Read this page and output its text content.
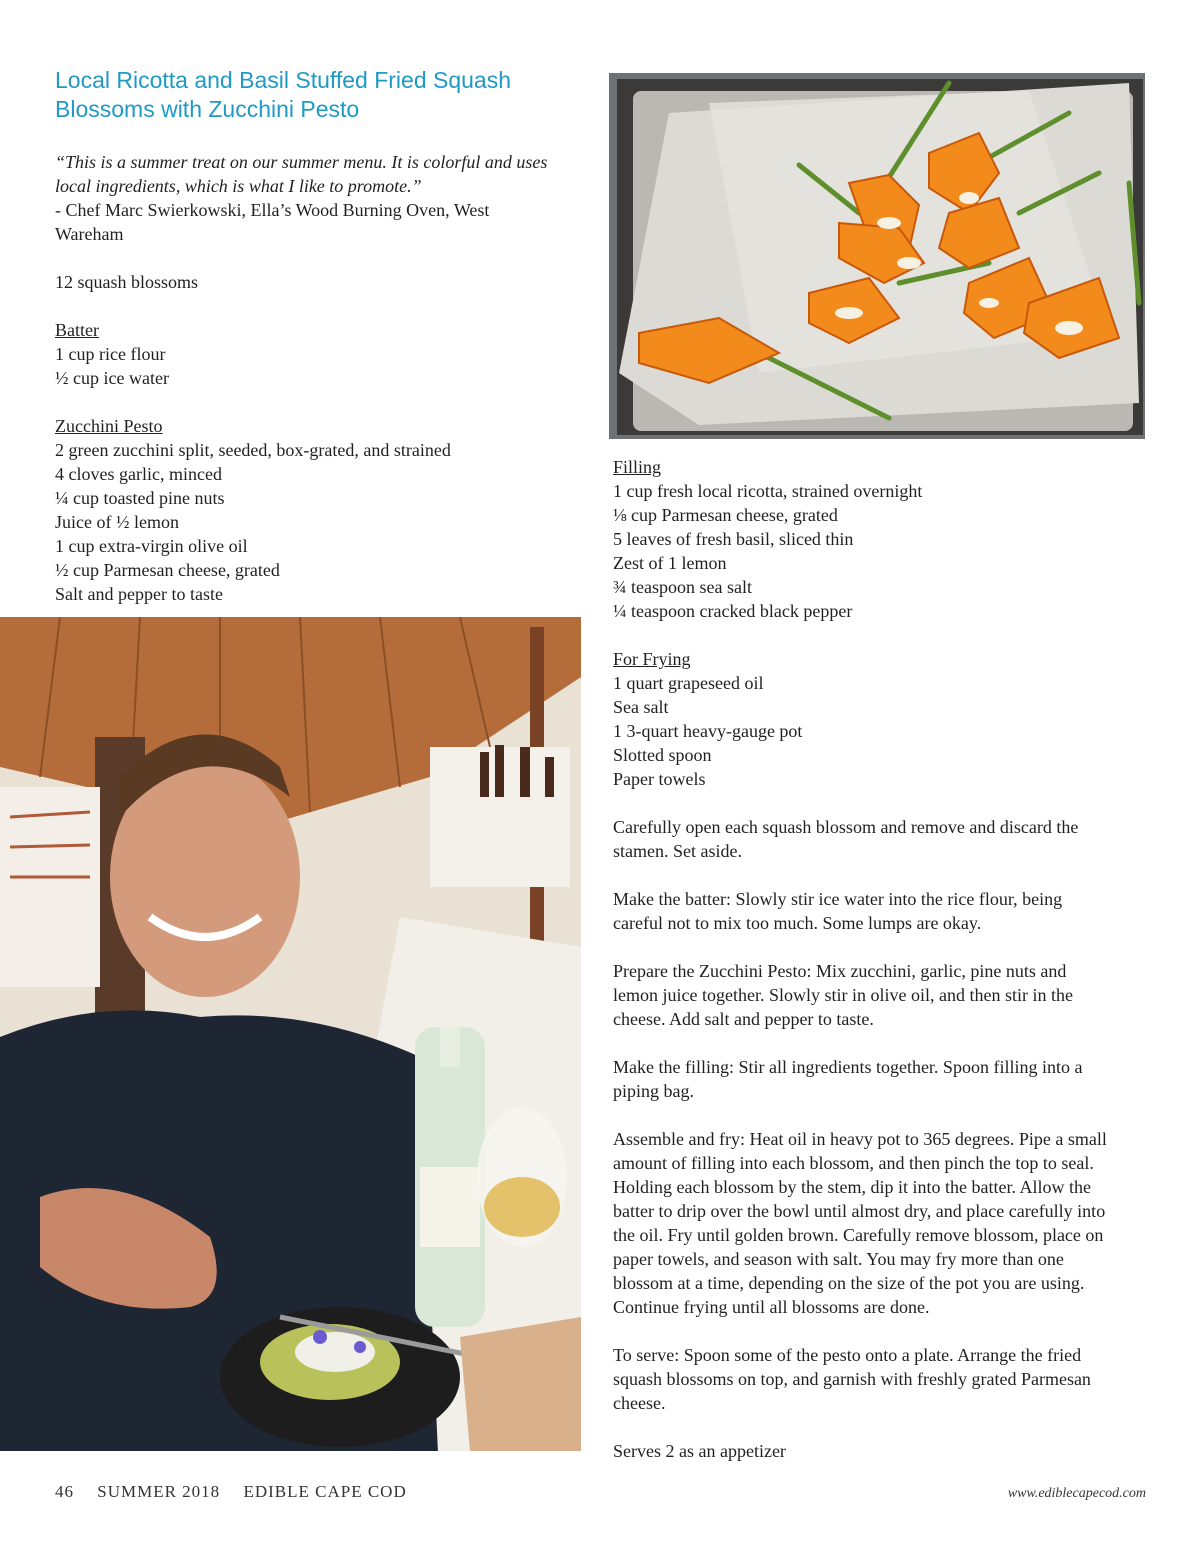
Local Ricotta and Basil Stuffed Fried Squash
Blossoms with Zucchini Pesto

“This is a summer treat on our summer menu. It is colorful and uses
local ingredients, which is what I like to promote.”

- Chef Marc Swierkowski, Ella’s Wood Burning Oven, West
Wareham

12 squash blossoms
Batter
1 cup rice flour
½ cup ice water
Zucchini Pesto
2 green zucchini split, seeded, box-grated, and strained
4 cloves garlic, minced
¼ cup toasted pine nuts
Juice of ½ lemon
1 cup extra-virgin olive oil
½ cup Parmesan cheese, grated
Salt and pepper to taste
Filling
1 cup fresh local ricotta, strained overnight
⅛ cup Parmesan cheese, grated
5 leaves of fresh basil, sliced thin
Zest of 1 lemon
¾ teaspoon sea salt
¼ teaspoon cracked black pepper
For Frying
1 quart grapeseed oil
Sea salt
1 3-quart heavy-gauge pot
Slotted spoon
Paper towels

Carefully open each squash blossom and remove and discard the
stamen. Set aside.

Make the batter: Slowly stir ice water into the rice flour, being
careful not to mix too much. Some lumps are okay.

Prepare the Zucchini Pesto: Mix zucchini, garlic, pine nuts and
lemon juice together. Slowly stir in olive oil, and then stir in the
cheese. Add salt and pepper to taste.

Make the filling: Stir all ingredients together. Spoon filling into a
piping bag.

Assemble and fry: Heat oil in heavy pot to 365 degrees. Pipe a small
amount of filling into each blossom, and then pinch the top to seal.
Holding each blossom by the stem, dip it into the batter. Allow the
batter to drip over the bowl until almost dry, and place carefully into
the oil. Fry until golden brown. Carefully remove blossom, place on
paper towels, and season with salt. You may fry more than one
blossom at a time, depending on the size of the pot you are using.
Continue frying until all blossoms are done.

To serve: Spoon some of the pesto onto a plate. Arrange the fried
squash blossoms on top, and garnish with freshly grated Parmesan
cheese.

Serves 2 as an appetizer

46 SUMMER 2018 EDIBLE CAPE COD	www.ediblecapecod.com
